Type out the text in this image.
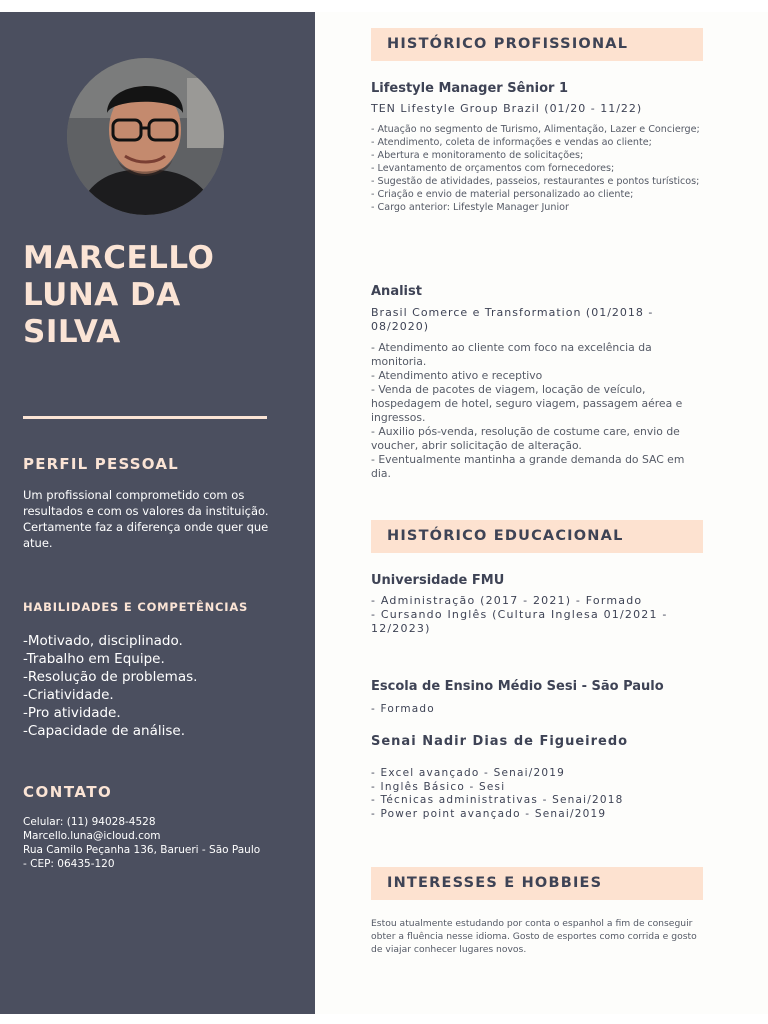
MARCELLO
LUNA DA
SILVA
PERFIL PESSOAL
Um profissional comprometido com os resultados e com os valores da instituição. Certamente faz a diferença onde quer que atue.
HABILIDADES E COMPETÊNCIAS
-Motivado, disciplinado.
-Trabalho em Equipe.
-Resolução de problemas.
-Criatividade.
-Pro atividade.
-Capacidade de análise.
CONTATO
Celular: (11) 94028-4528
Marcello.luna@icloud.com
Rua Camilo Peçanha 136, Barueri - São Paulo
- CEP: 06435-120
HISTÓRICO PROFISSIONAL
Lifestyle Manager Sênior 1
TEN Lifestyle Group Brazil (01/20 - 11/22)
- Atuação no segmento de Turismo, Alimentação, Lazer e Concierge;
- Atendimento, coleta de informações e vendas ao cliente;
- Abertura e monitoramento de solicitações;
- Levantamento de orçamentos com fornecedores;
- Sugestão de atividades, passeios, restaurantes e pontos turísticos;
- Criação e envio de material personalizado ao cliente;
- Cargo anterior: Lifestyle Manager Junior
Analist
Brasil Comerce e Transformation (01/2018 - 08/2020)
- Atendimento ao cliente com foco na excelência da monitoria.
- Atendimento ativo e receptivo
- Venda de pacotes de viagem, locação de veículo, hospedagem de hotel, seguro viagem, passagem aérea e ingressos.
- Auxilio pós-venda, resolução de costume care, envio de voucher, abrir solicitação de alteração.
- Eventualmente mantinha a grande demanda do SAC em dia.
HISTÓRICO EDUCACIONAL
Universidade FMU
- Administração (2017 - 2021) - Formado
- Cursando Inglês (Cultura Inglesa 01/2021 - 12/2023)
Escola de Ensino Médio Sesi - São Paulo
- Formado
Senai Nadir Dias de Figueiredo
- Excel avançado - Senai/2019
- Inglês Básico - Sesi
- Técnicas administrativas - Senai/2018
- Power point avançado - Senai/2019
INTERESSES E HOBBIES
Estou atualmente estudando por conta o espanhol a fim de conseguir obter a fluência nesse idioma. Gosto de esportes como corrida e gosto de viajar conhecer lugares novos.
